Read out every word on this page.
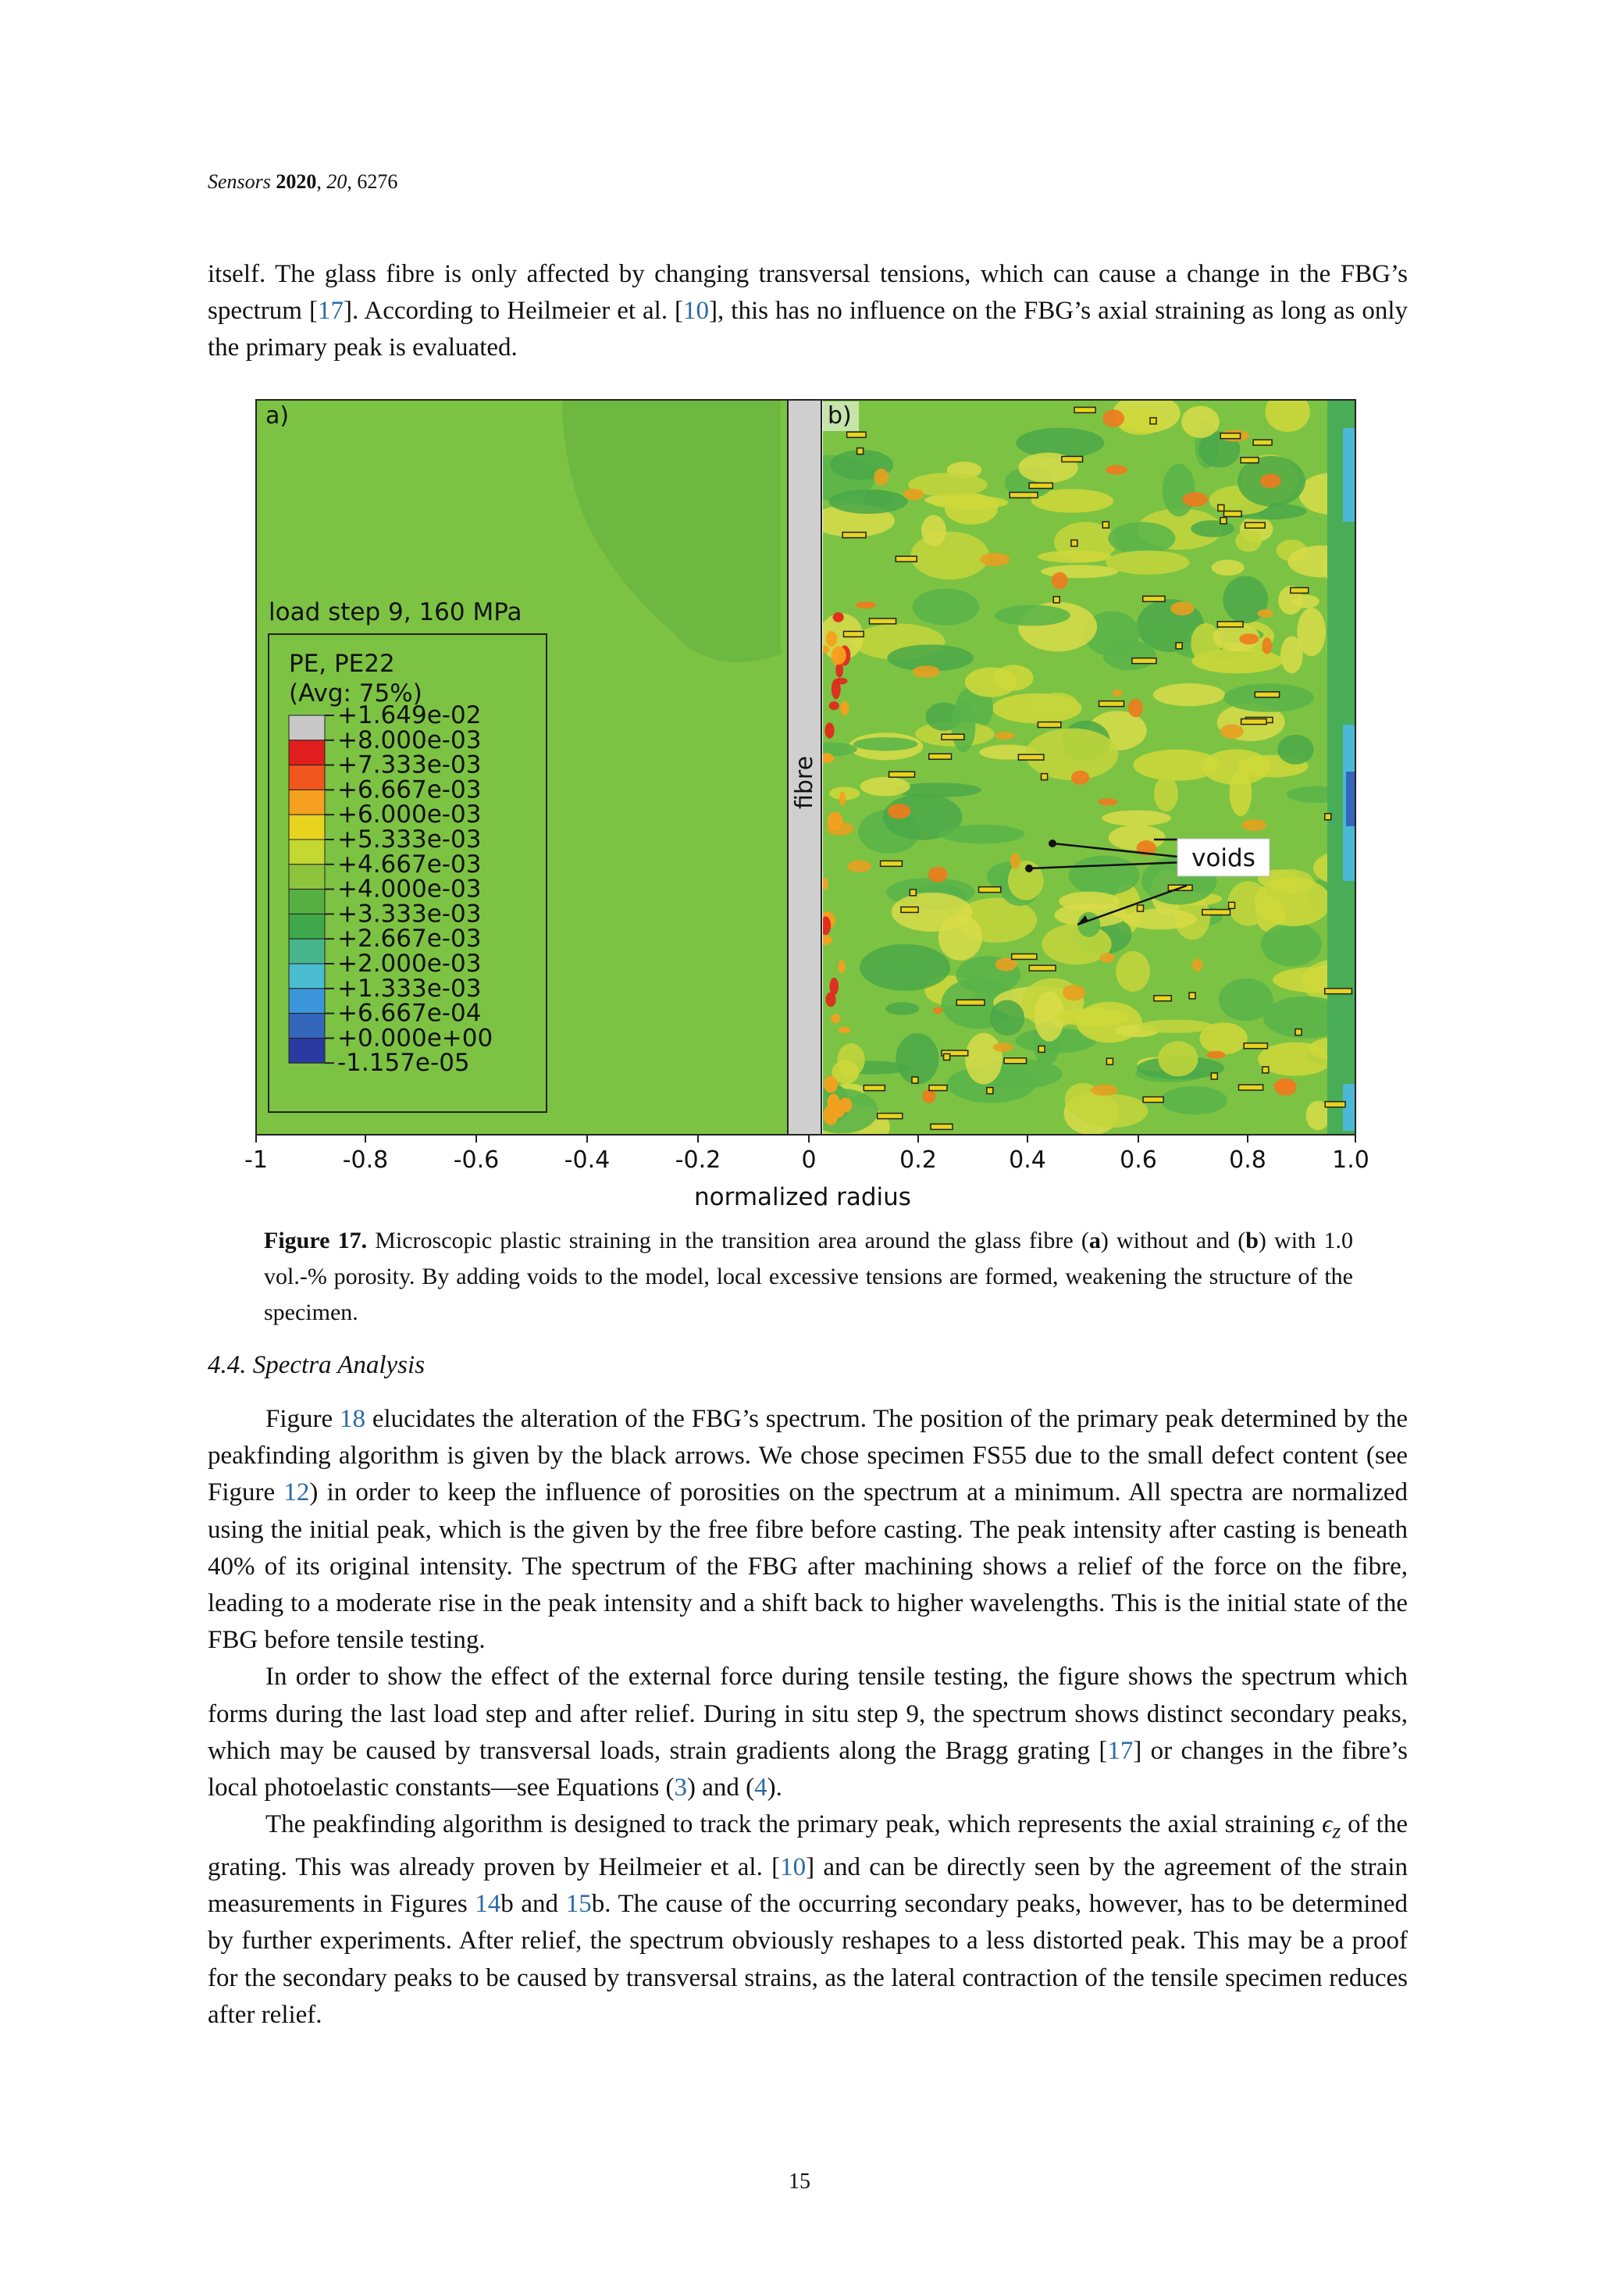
Sensors 2020, 20, 6276

itself. The glass fibre is only affected by changing transversal tensions, which can cause a change in the FBG’s spectrum [17]. According to Heilmeier et al. [10], this has no influence on the FBG’s axial straining as long as only the primary peak is evaluated.

a)	b)
load step 9, 160 MPa
PE, PE22
(Avg: 75%)
+1.649e-02
+8.000e-03
+7.333e-03
+6.667e-03
+6.000e-03
+5.333e-03
+4.667e-03
+4.000e-03
+3.333e-03
+2.667e-03
+2.000e-03
+1.333e-03
+6.667e-04
+0.000e+00
-1.157e-05
fibre
voids
-1	-0.8	-0.6	-0.4	-0.2	0	0.2	0.4	0.6	0.8	1.0
normalized radius
Figure 17. Microscopic plastic straining in the transition area around the glass fibre (a) without and (b) with 1.0 vol.-% porosity. By adding voids to the model, local excessive tensions are formed, weakening the structure of the specimen.
4.4. Spectra Analysis

Figure 18 elucidates the alteration of the FBG’s spectrum. The position of the primary peak determined by the peakfinding algorithm is given by the black arrows. We chose specimen FS55 due to the small defect content (see Figure 12) in order to keep the influence of porosities on the spectrum at a minimum. All spectra are normalized using the initial peak, which is the given by the free fibre before casting. The peak intensity after casting is beneath 40% of its original intensity. The spectrum of the FBG after machining shows a relief of the force on the fibre, leading to a moderate rise in the peak intensity and a shift back to higher wavelengths. This is the initial state of the FBG before tensile testing.

In order to show the effect of the external force during tensile testing, the figure shows the spectrum which forms during the last load step and after relief. During in situ step 9, the spectrum shows distinct secondary peaks, which may be caused by transversal loads, strain gradients along the Bragg grating [17] or changes in the fibre’s local photoelastic constants—see Equations (3) and (4).

The peakfinding algorithm is designed to track the primary peak, which represents the axial straining $\epsilon_z$ of the grating. This was already proven by Heilmeier et al. [10] and can be directly seen by the agreement of the strain measurements in Figures 14b and 15b. The cause of the occurring secondary peaks, however, has to be determined by further experiments. After relief, the spectrum obviously reshapes to a less distorted peak. This may be a proof for the secondary peaks to be caused by transversal strains, as the lateral contraction of the tensile specimen reduces after relief.

15
